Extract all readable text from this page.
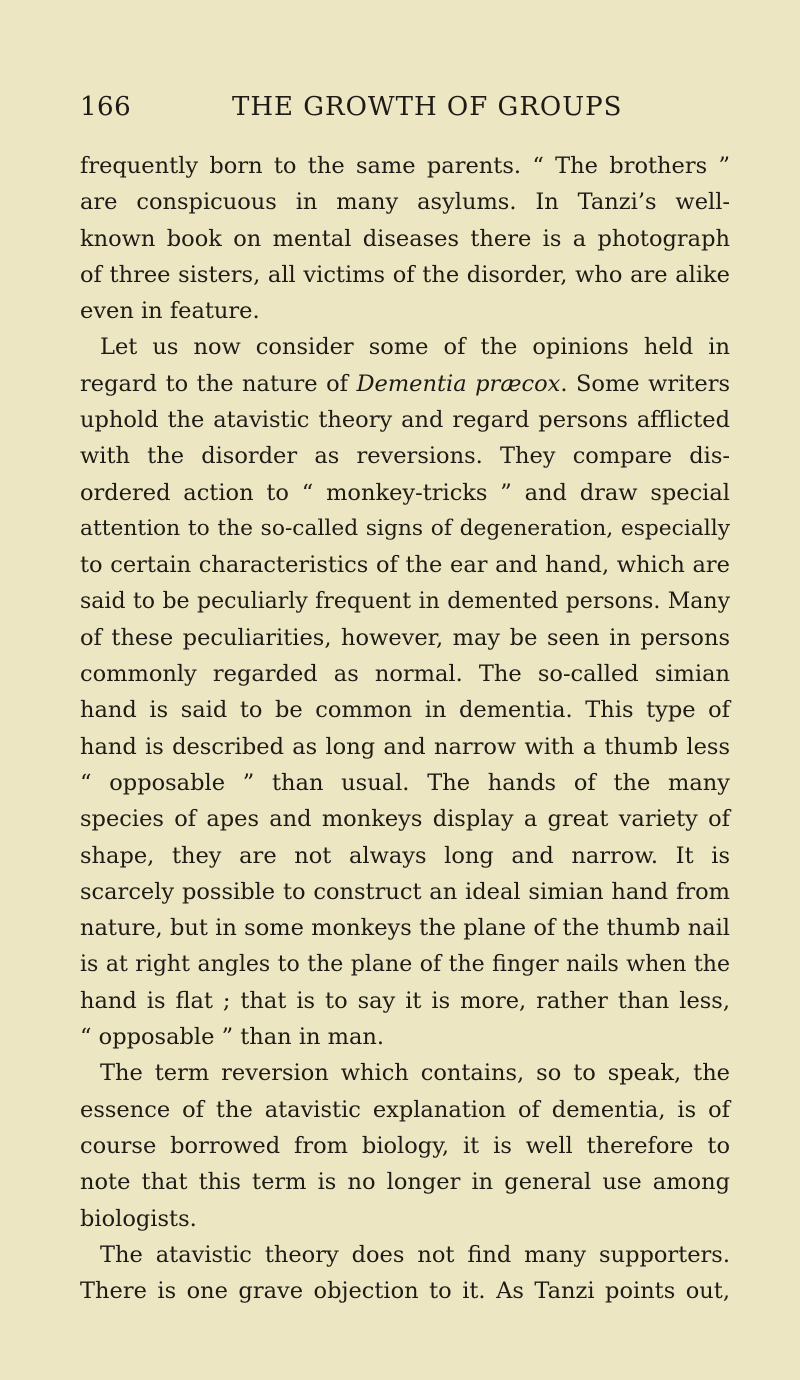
166	THE GROWTH OF GROUPS
frequently born to the same parents. “ The brothers ”
are conspicuous in many asylums. In Tanzi’s well-
known book on mental diseases there is a photograph
of three sisters, all victims of the disorder, who are alike
even in feature.
Let us now consider some of the opinions held in
regard to the nature of Dementia præcox. Some writers
uphold the atavistic theory and regard persons afflicted
with the disorder as reversions. They compare dis-
ordered action to “ monkey-tricks ” and draw special
attention to the so-called signs of degeneration, especially
to certain characteristics of the ear and hand, which are
said to be peculiarly frequent in demented persons. Many
of these peculiarities, however, may be seen in persons
commonly regarded as normal. The so-called simian
hand is said to be common in dementia. This type of
hand is described as long and narrow with a thumb less
“ opposable ” than usual. The hands of the many
species of apes and monkeys display a great variety of
shape, they are not always long and narrow. It is
scarcely possible to construct an ideal simian hand from
nature, but in some monkeys the plane of the thumb nail
is at right angles to the plane of the finger nails when the
hand is flat ; that is to say it is more, rather than less,
“ opposable ” than in man.
The term reversion which contains, so to speak, the
essence of the atavistic explanation of dementia, is of
course borrowed from biology, it is well therefore to
note that this term is no longer in general use among
biologists.
The atavistic theory does not find many supporters.
There is one grave objection to it. As Tanzi points out,
